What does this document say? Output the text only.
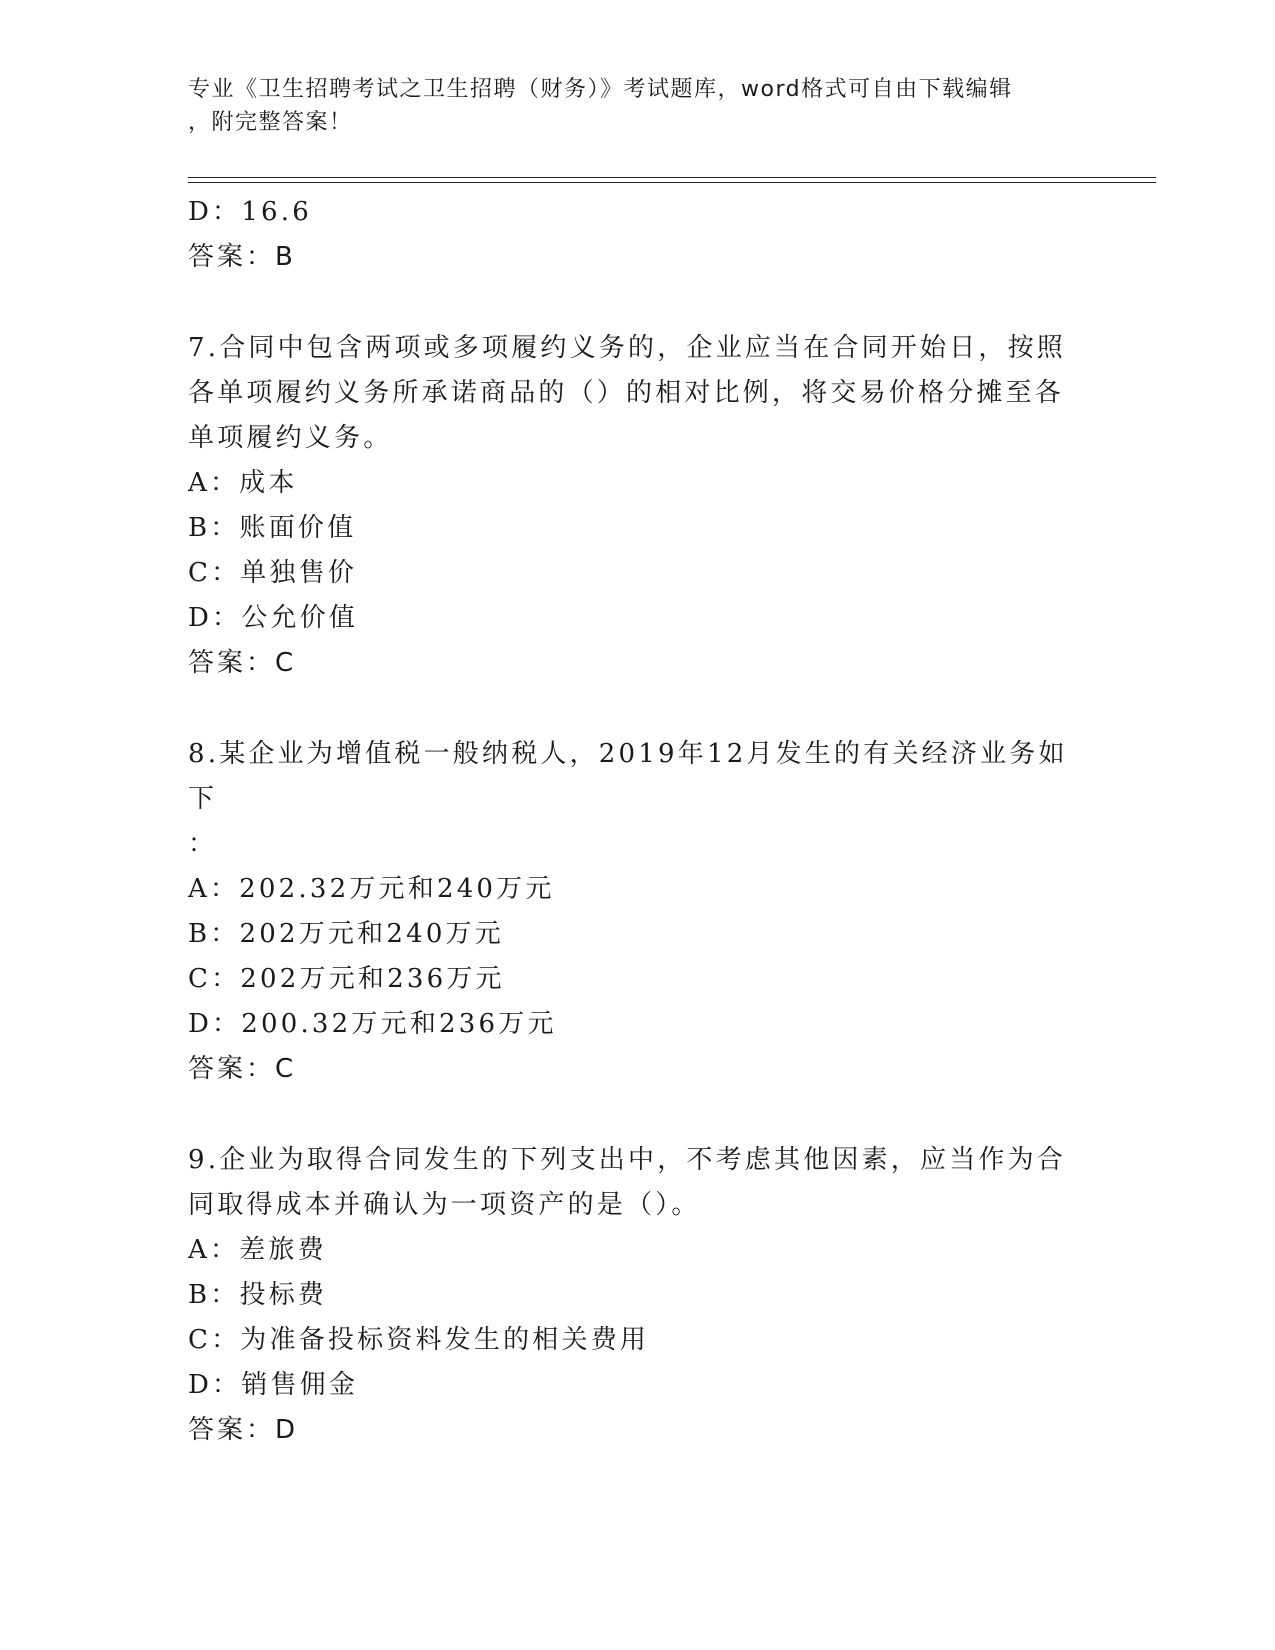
专业《卫生招聘考试之卫生招聘（财务）》考试题库，word格式可自由下载编辑
，附完整答案！
D：16.6
答案：B
7.合同中包含两项或多项履约义务的，企业应当在合同开始日，按照
各单项履约义务所承诺商品的（）的相对比例，将交易价格分摊至各
单项履约义务。
A：成本
B：账面价值
C：单独售价
D：公允价值
答案：C
8.某企业为增值税一般纳税人，2019年12月发生的有关经济业务如下
：
A：202.32万元和240万元
B：202万元和240万元
C：202万元和236万元
D：200.32万元和236万元
答案：C
9.企业为取得合同发生的下列支出中，不考虑其他因素，应当作为合
同取得成本并确认为一项资产的是（）。
A：差旅费
B：投标费
C：为准备投标资料发生的相关费用
D：销售佣金
答案：D
